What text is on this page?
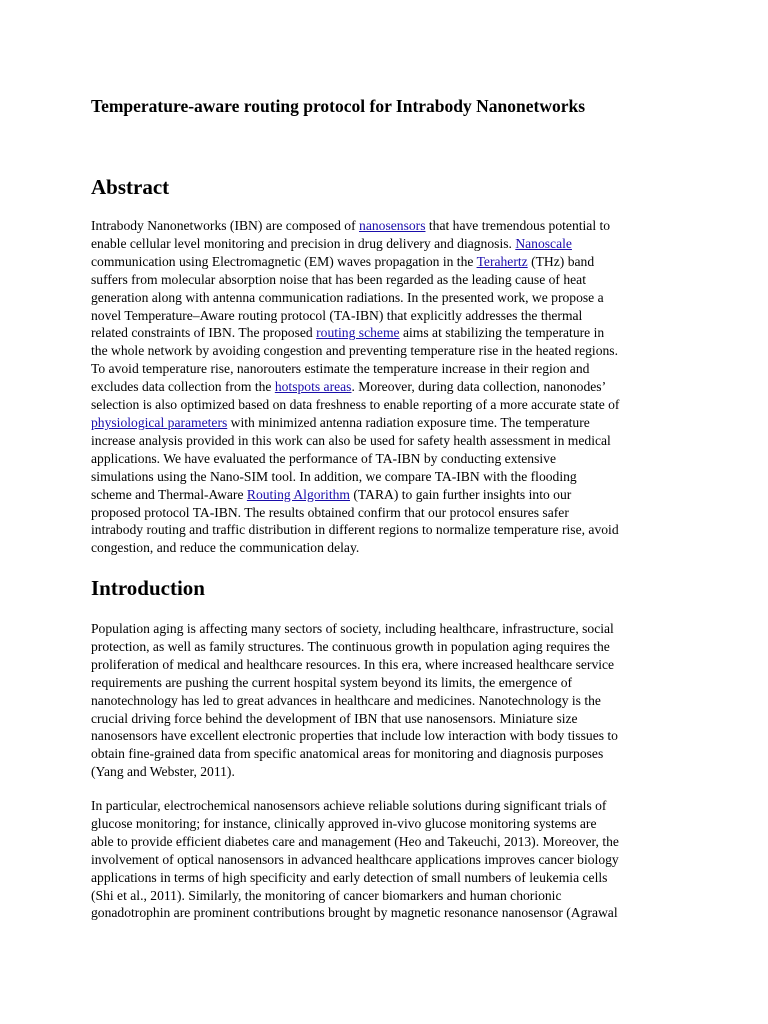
Temperature-aware routing protocol for Intrabody Nanonetworks
Abstract
Intrabody Nanonetworks (IBN) are composed of nanosensors that have tremendous potential to
enable cellular level monitoring and precision in drug delivery and diagnosis. Nanoscale
communication using Electromagnetic (EM) waves propagation in the Terahertz (THz) band
suffers from molecular absorption noise that has been regarded as the leading cause of heat
generation along with antenna communication radiations. In the presented work, we propose a
novel Temperature–Aware routing protocol (TA-IBN) that explicitly addresses the thermal
related constraints of IBN. The proposed routing scheme aims at stabilizing the temperature in
the whole network by avoiding congestion and preventing temperature rise in the heated regions.
To avoid temperature rise, nanorouters estimate the temperature increase in their region and
excludes data collection from the hotspots areas. Moreover, during data collection, nanonodes’
selection is also optimized based on data freshness to enable reporting of a more accurate state of
physiological parameters with minimized antenna radiation exposure time. The temperature
increase analysis provided in this work can also be used for safety health assessment in medical
applications. We have evaluated the performance of TA-IBN by conducting extensive
simulations using the Nano-SIM tool. In addition, we compare TA-IBN with the flooding
scheme and Thermal-Aware Routing Algorithm (TARA) to gain further insights into our
proposed protocol TA-IBN. The results obtained confirm that our protocol ensures safer
intrabody routing and traffic distribution in different regions to normalize temperature rise, avoid
congestion, and reduce the communication delay.
Introduction
Population aging is affecting many sectors of society, including healthcare, infrastructure, social
protection, as well as family structures. The continuous growth in population aging requires the
proliferation of medical and healthcare resources. In this era, where increased healthcare service
requirements are pushing the current hospital system beyond its limits, the emergence of
nanotechnology has led to great advances in healthcare and medicines. Nanotechnology is the
crucial driving force behind the development of IBN that use nanosensors. Miniature size
nanosensors have excellent electronic properties that include low interaction with body tissues to
obtain fine-grained data from specific anatomical areas for monitoring and diagnosis purposes
(Yang and Webster, 2011).
In particular, electrochemical nanosensors achieve reliable solutions during significant trials of
glucose monitoring; for instance, clinically approved in-vivo glucose monitoring systems are
able to provide efficient diabetes care and management (Heo and Takeuchi, 2013). Moreover, the
involvement of optical nanosensors in advanced healthcare applications improves cancer biology
applications in terms of high specificity and early detection of small numbers of leukemia cells
(Shi et al., 2011). Similarly, the monitoring of cancer biomarkers and human chorionic
gonadotrophin are prominent contributions brought by magnetic resonance nanosensor (Agrawal
